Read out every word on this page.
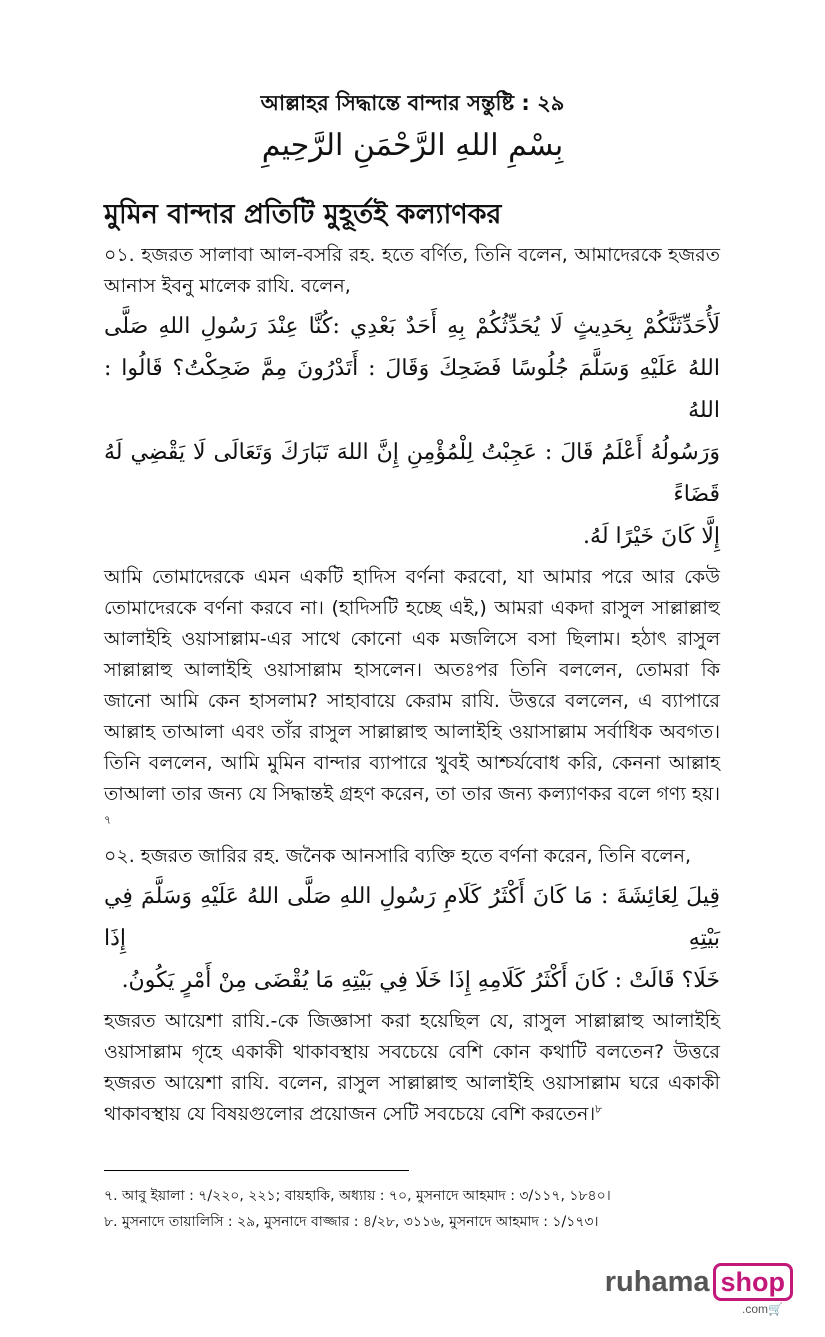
আল্লাহর সিদ্ধান্তে বান্দার সন্তুষ্টি : ২৯
بِسْمِ اللهِ الرَّحْمَنِ الرَّحِيمِ
মুমিন বান্দার প্রতিটি মুহূর্তই কল্যাণকর

০১. হজরত সালাবা আল-বসরি রহ. হতে বর্ণিত, তিনি বলেন, আমাদেরকে হজরত আনাস ইবনু মালেক রাযি. বলেন,

لَأُحَدِّثَنَّكُمْ بِحَدِيثٍ لَا يُحَدِّثُكُمْ بِهِ أَحَدٌ بَعْدِي :كُنَّا عِنْدَ رَسُولِ اللهِ صَلَّى
اللهُ عَلَيْهِ وَسَلَّمَ جُلُوسًا فَضَحِكَ وَقَالَ : أَتَدْرُونَ مِمَّ ضَحِكْتُ؟ قَالُوا : اللهُ
وَرَسُولُهُ أَعْلَمُ قَالَ : عَجِبْتُ لِلْمُؤْمِنِ إِنَّ اللهَ تَبَارَكَ وَتَعَالَى لَا يَقْضِي لَهُ قَضَاءً
إِلَّا كَانَ خَيْرًا لَهُ.

আমি তোমাদেরকে এমন একটি হাদিস বর্ণনা করবো, যা আমার পরে আর কেউ তোমাদেরকে বর্ণনা করবে না। (হাদিসটি হচ্ছে এই,) আমরা একদা রাসুল সাল্লাল্লাহু আলাইহি ওয়াসাল্লাম-এর সাথে কোনো এক মজলিসে বসা ছিলাম। হঠাৎ রাসুল সাল্লাল্লাহু আলাইহি ওয়াসাল্লাম হাসলেন। অতঃপর তিনি বললেন, তোমরা কি জানো আমি কেন হাসলাম? সাহাবায়ে কেরাম রাযি. উত্তরে বললেন, এ ব্যাপারে আল্লাহ তাআলা এবং তাঁর রাসুল সাল্লাল্লাহু আলাইহি ওয়াসাল্লাম সর্বাধিক অবগত। তিনি বললেন, আমি মুমিন বান্দার ব্যাপারে খুবই আশ্চর্যবোধ করি, কেননা আল্লাহ তাআলা তার জন্য যে সিদ্ধান্তই গ্রহণ করেন, তা তার জন্য কল্যাণকর বলে গণ্য হয়।$^৭$

০২. হজরত জারির রহ. জনৈক আনসারি ব্যক্তি হতে বর্ণনা করেন, তিনি বলেন,

قِيلَ لِعَائِشَةَ : مَا كَانَ أَكْثَرُ كَلَامِ رَسُولِ اللهِ صَلَّى اللهُ عَلَيْهِ وَسَلَّمَ فِي بَيْتِهِ إِذَا
خَلَا؟ قَالَتْ : كَانَ أَكْثَرُ كَلَامِهِ إِذَا خَلَا فِي بَيْتِهِ مَا يُقْضَى مِنْ أَمْرٍ يَكُونُ.

হজরত আয়েশা রাযি.-কে জিজ্ঞাসা করা হয়েছিল যে, রাসুল সাল্লাল্লাহু আলাইহি ওয়াসাল্লাম গৃহে একাকী থাকাবস্থায় সবচেয়ে বেশি কোন কথাটি বলতেন? উত্তরে হজরত আয়েশা রাযি. বলেন, রাসুল সাল্লাল্লাহু আলাইহি ওয়াসাল্লাম ঘরে একাকী থাকাবস্থায় যে বিষয়গুলোর প্রয়োজন সেটি সবচেয়ে বেশি করতেন।$^৮$

৭. আবু ইয়ালা : ৭/২২০, ২২১; বায়হাকি, অধ্যায় : ৭০, মুসনাদে আহমাদ : ৩/১১৭, ১৮৪০।
৮. মুসনাদে তায়ালিসি : ২৯, মুসনাদে বাজ্জার : ৪/২৮, ৩১১৬, মুসনাদে আহমাদ : ১/১৭৩।
ruhama shop
.com🛒
